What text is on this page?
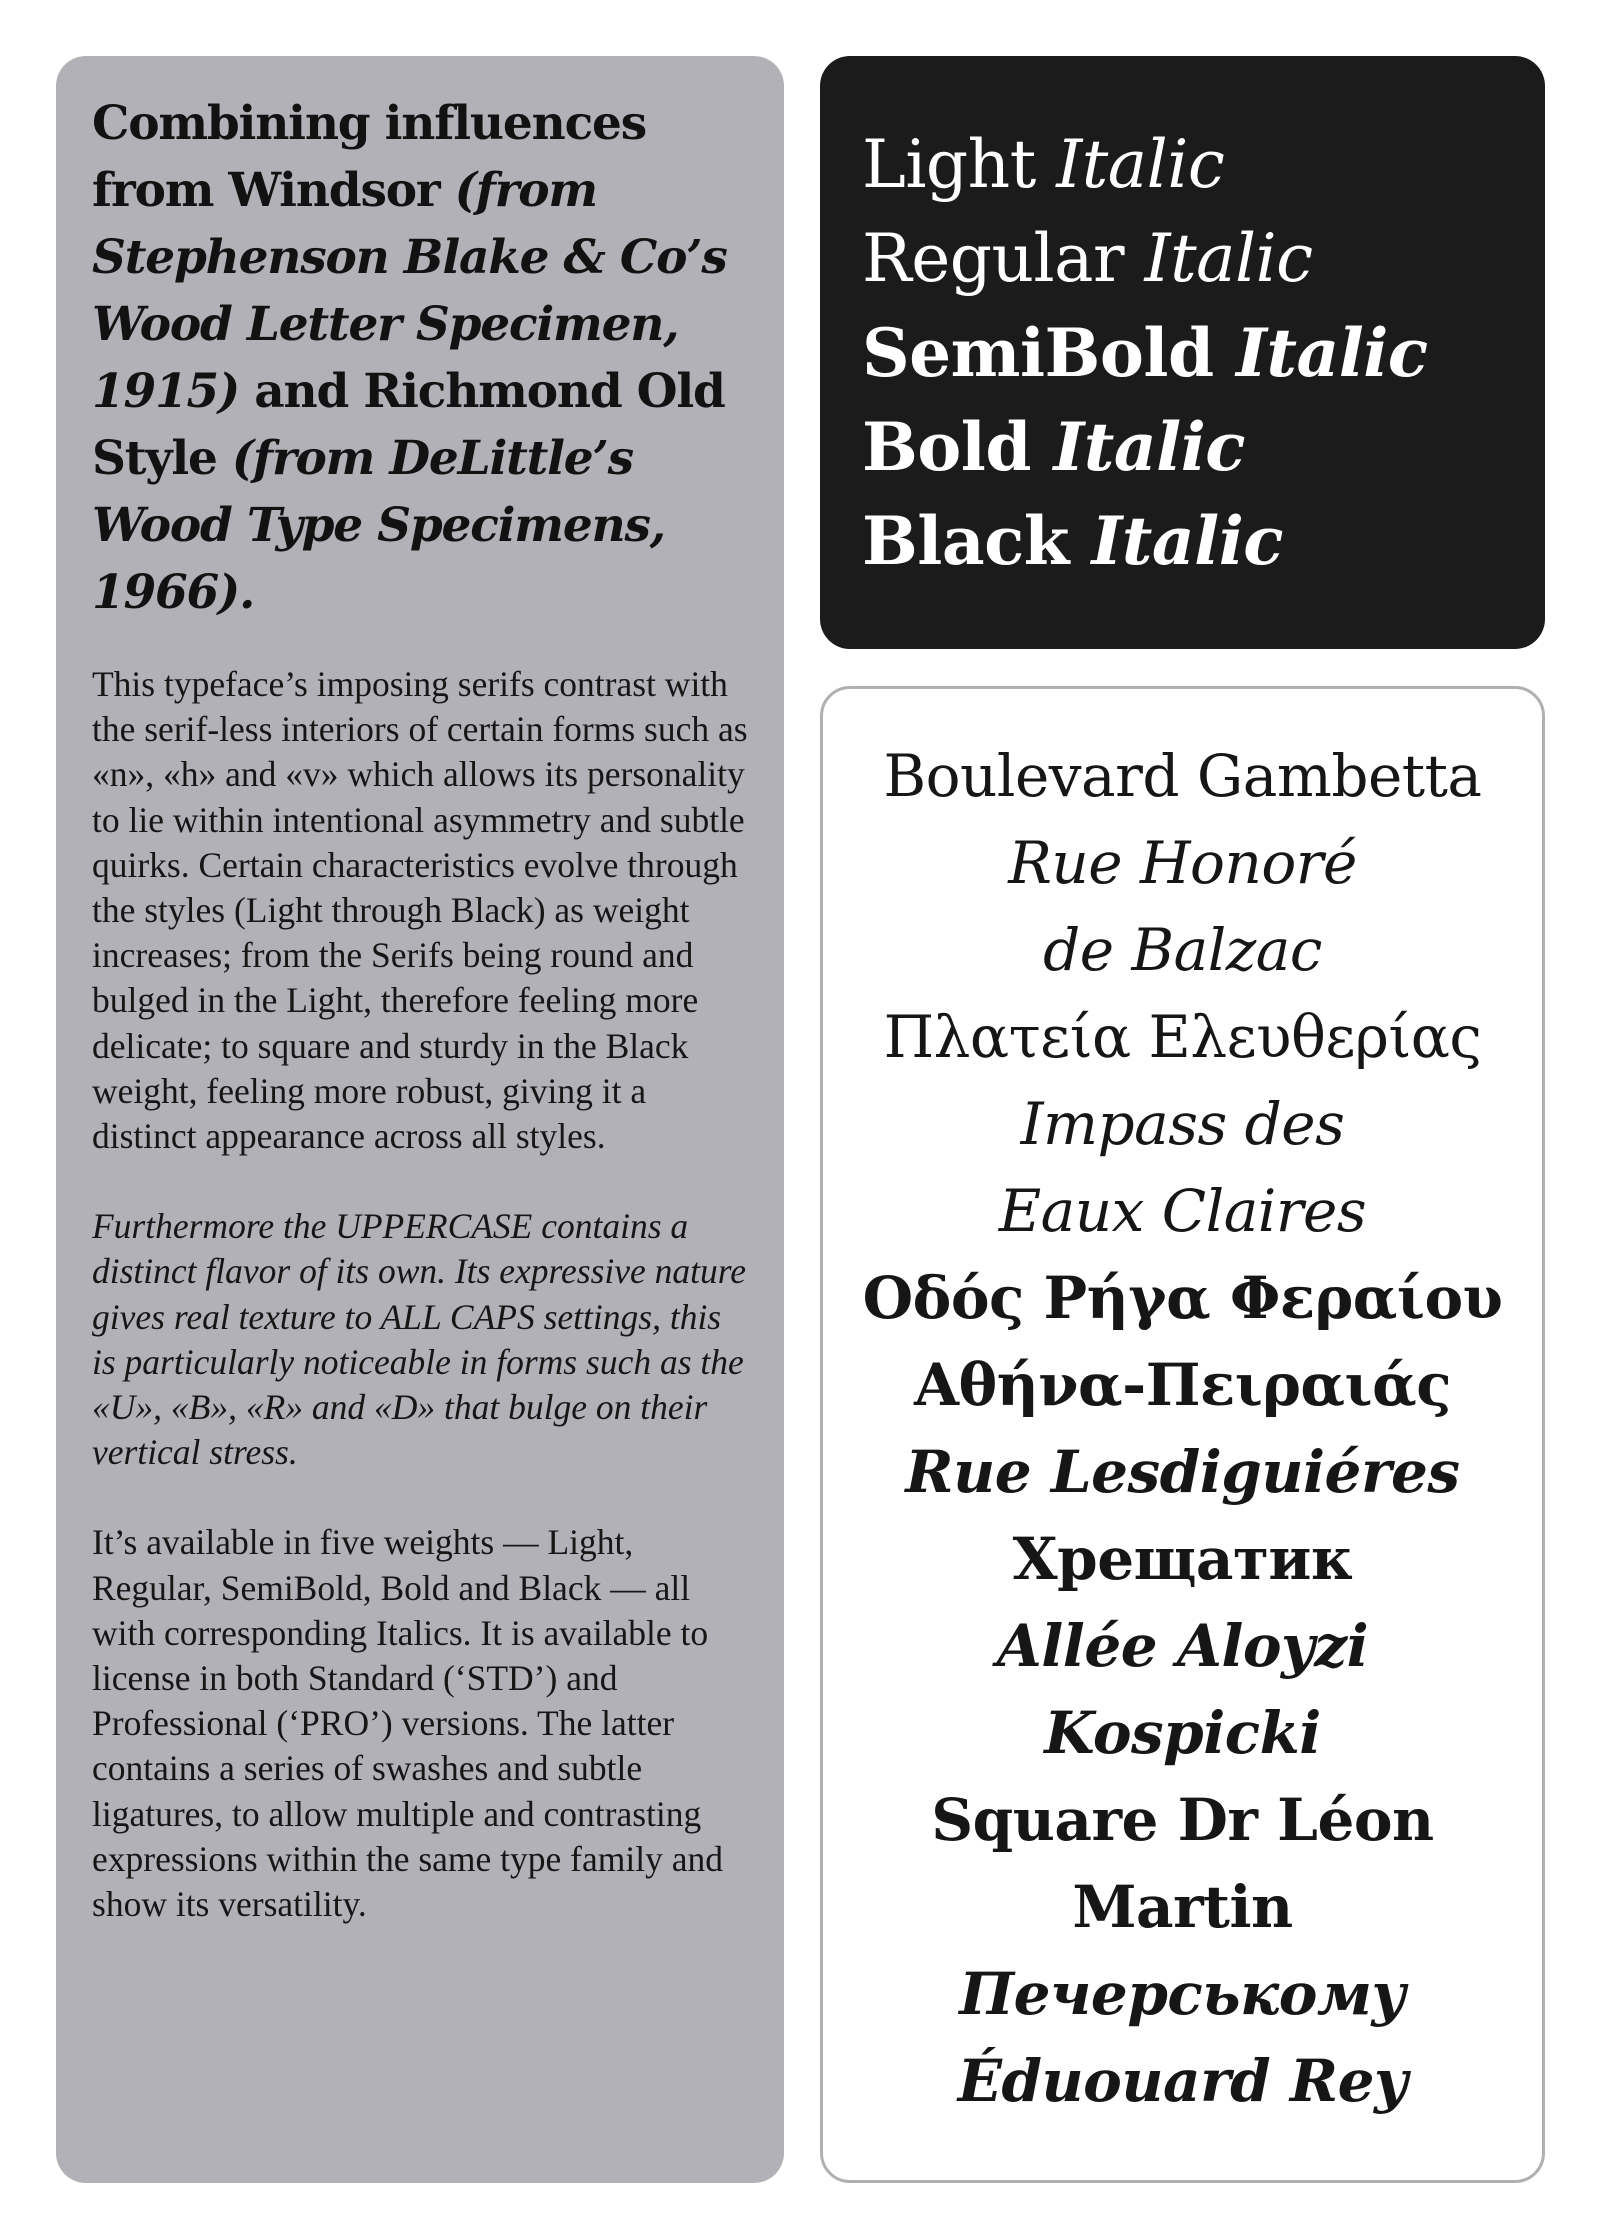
Combining influences from Windsor (from Stephenson Blake & Co’s Wood Letter Specimen, 1915) and Richmond Old Style (from DeLittle’s Wood Type Specimens, 1966).

This typeface’s imposing serifs contrast with the serif-less interiors of certain forms such as «n», «h» and «v» which allows its personality to lie within intentional asymmetry and subtle quirks. Certain characteristics evolve through the styles (Light through Black) as weight increases; from the Serifs being round and bulged in the Light, therefore feeling more delicate; to square and sturdy in the Black weight, feeling more robust, giving it a distinct appearance across all styles.

Furthermore the UPPERCASE contains a distinct flavor of its own. Its expressive nature gives real texture to ALL CAPS settings, this is particularly noticeable in forms such as the «U», «B», «R» and «D» that bulge on their vertical stress.

It’s available in five weights — Light, Regular, SemiBold, Bold and Black — all with corresponding Italics. It is available to license in both Standard (‘STD’) and Professional (‘PRO’) versions. The latter contains a series of swashes and subtle ligatures, to allow multiple and contrasting expressions within the same type family and show its versatility.

Light Italic
Regular Italic
SemiBold Italic
Bold Italic
Black Italic
Boulevard Gambetta
Rue Honoré
de Balzac
Πλατεία Ελευθερίας
Impass des
Eaux Claires
Οδός Ρήγα Φεραίου
Αθήνα-Πειραιάς
Rue Lesdiguiéres
Хрещатик
Allée Aloyzi
Kospicki
Square Dr Léon
Martin
Печерському
Éduouard Rey
